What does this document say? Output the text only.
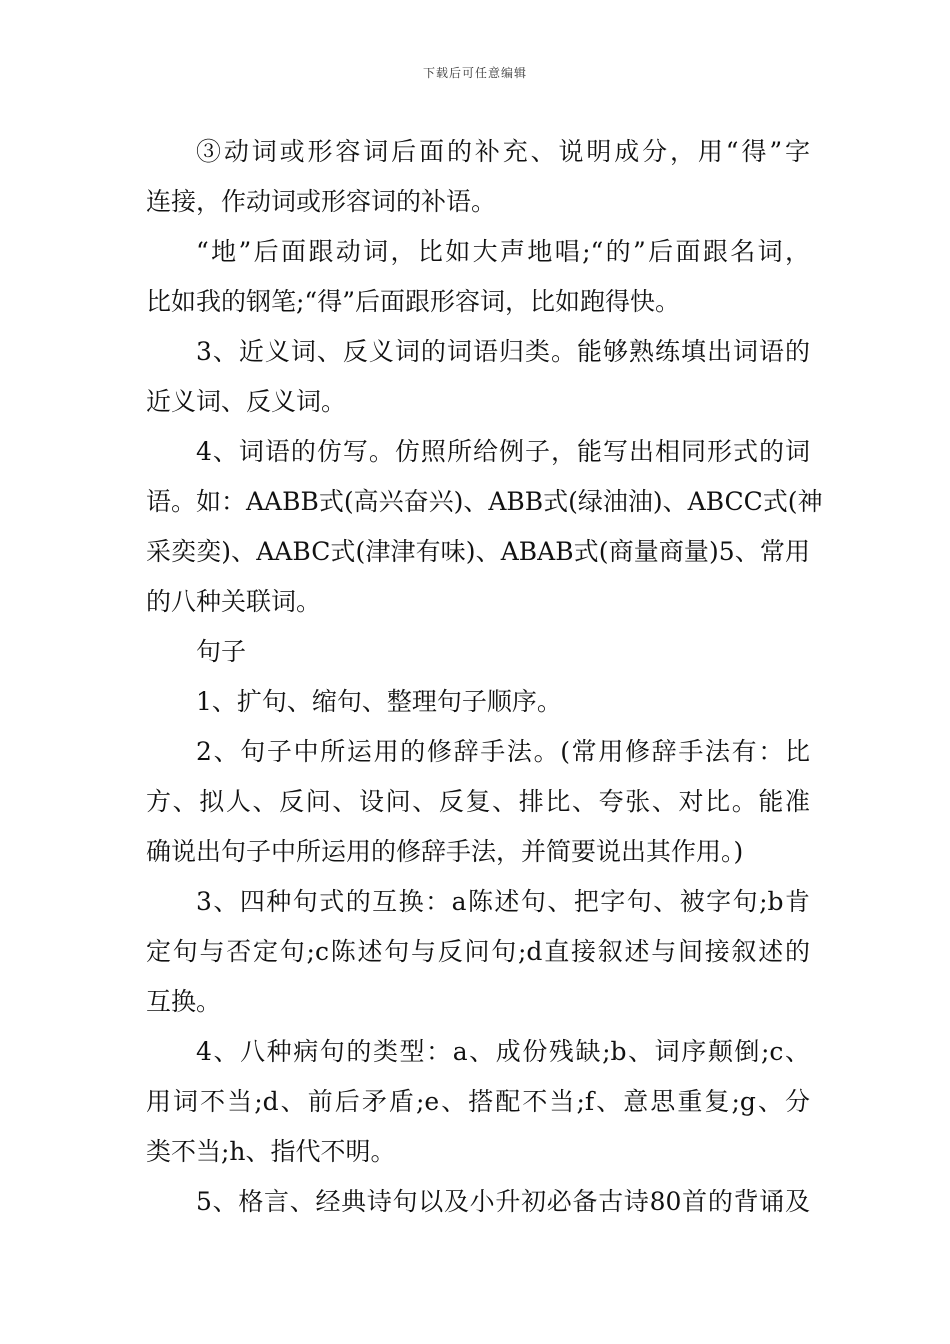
下载后可任意编辑
③动词或形容词后面的补充、说明成分，用“得”字
连接，作动词或形容词的补语。
“地”后面跟动词，比如大声地唱;“的”后面跟名词，
比如我的钢笔;“得”后面跟形容词，比如跑得快。
3、近义词、反义词的词语归类。能够熟练填出词语的
近义词、反义词。
4、词语的仿写。仿照所给例子，能写出相同形式的词
语。如：AABB式(高兴奋兴)、ABB式(绿油油)、ABCC式(神
采奕奕)、AABC式(津津有味)、ABAB式(商量商量)5、常用
的八种关联词。
句子
1、扩句、缩句、整理句子顺序。
2、句子中所运用的修辞手法。(常用修辞手法有：比
方、拟人、反问、设问、反复、排比、夸张、对比。能准
确说出句子中所运用的修辞手法，并简要说出其作用。)
3、四种句式的互换：a陈述句、把字句、被字句;b肯
定句与否定句;c陈述句与反问句;d直接叙述与间接叙述的
互换。
4、八种病句的类型：a、成份残缺;b、词序颠倒;c、
用词不当;d、前后矛盾;e、搭配不当;f、意思重复;g、分
类不当;h、指代不明。
5、格言、经典诗句以及小升初必备古诗80首的背诵及
